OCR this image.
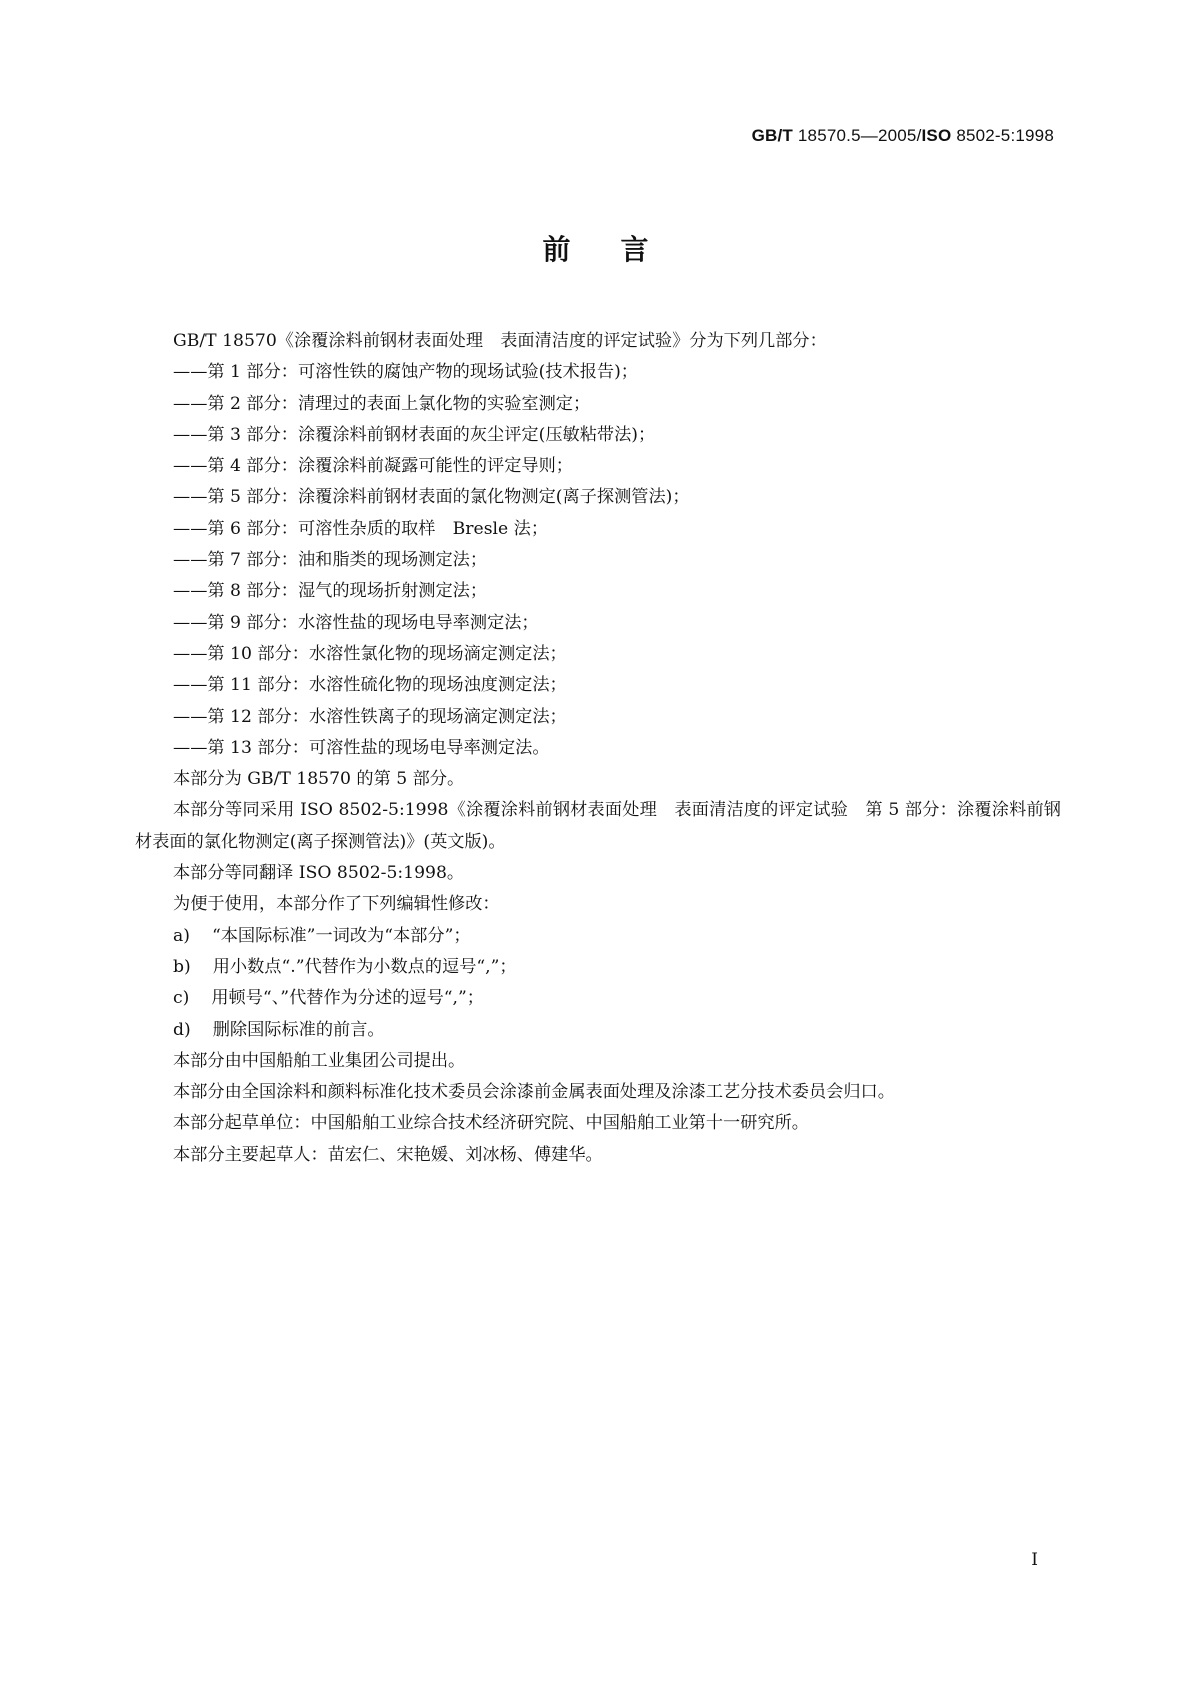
GB/T 18570.5—2005/ISO 8502-5:1998
前言
GB/T 18570《涂覆涂料前钢材表面处理　表面清洁度的评定试验》分为下列几部分：
——第 1 部分：可溶性铁的腐蚀产物的现场试验(技术报告)；
——第 2 部分：清理过的表面上氯化物的实验室测定；
——第 3 部分：涂覆涂料前钢材表面的灰尘评定(压敏粘带法)；
——第 4 部分：涂覆涂料前凝露可能性的评定导则；
——第 5 部分：涂覆涂料前钢材表面的氯化物测定(离子探测管法)；
——第 6 部分：可溶性杂质的取样　Bresle 法；
——第 7 部分：油和脂类的现场测定法；
——第 8 部分：湿气的现场折射测定法；
——第 9 部分：水溶性盐的现场电导率测定法；
——第 10 部分：水溶性氯化物的现场滴定测定法；
——第 11 部分：水溶性硫化物的现场浊度测定法；
——第 12 部分：水溶性铁离子的现场滴定测定法；
——第 13 部分：可溶性盐的现场电导率测定法。
本部分为 GB/T 18570 的第 5 部分。
本部分等同采用 ISO 8502-5:1998《涂覆涂料前钢材表面处理　表面清洁度的评定试验　第 5 部分：涂覆涂料前钢材表面的氯化物测定(离子探测管法)》(英文版)。
本部分等同翻译 ISO 8502-5:1998。
为便于使用，本部分作了下列编辑性修改：
a) “本国际标准”一词改为“本部分”；
b) 用小数点“.”代替作为小数点的逗号“,”；
c) 用顿号“、”代替作为分述的逗号“,”；
d) 删除国际标准的前言。
本部分由中国船舶工业集团公司提出。
本部分由全国涂料和颜料标准化技术委员会涂漆前金属表面处理及涂漆工艺分技术委员会归口。
本部分起草单位：中国船舶工业综合技术经济研究院、中国船舶工业第十一研究所。
本部分主要起草人：苗宏仁、宋艳媛、刘冰杨、傅建华。
I
